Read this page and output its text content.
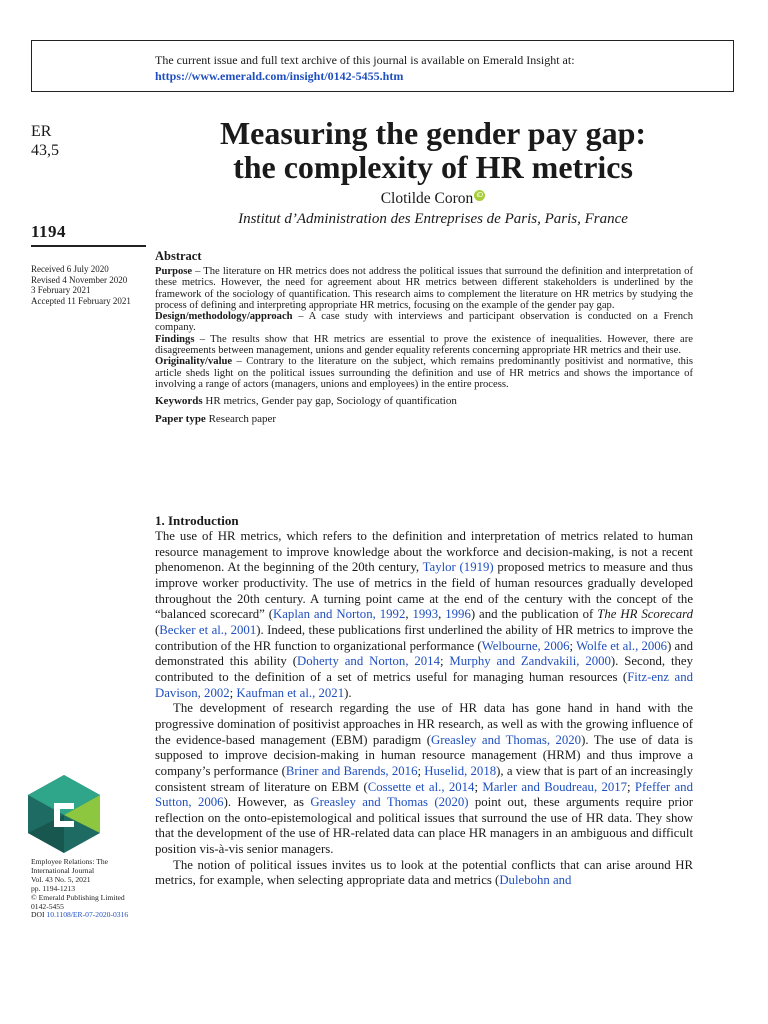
The current issue and full text archive of this journal is available on Emerald Insight at:
https://www.emerald.com/insight/0142-5455.htm
ER
43,5
1194
Received 6 July 2020
Revised 4 November 2020
3 February 2021
Accepted 11 February 2021
Employee Relations: The
International Journal
Vol. 43 No. 5, 2021
pp. 1194-1213
© Emerald Publishing Limited
0142-5455
DOI 10.1108/ER-07-2020-0316
Measuring the gender pay gap:
the complexity of HR metrics
Clotilde Coron iD
Institut d’Administration des Entreprises de Paris, Paris, France
Abstract

Purpose – The literature on HR metrics does not address the political issues that surround the definition and interpretation of these metrics. However, the need for agreement about HR metrics between different stakeholders is underlined by the framework of the sociology of quantification. This research aims to complement the literature on HR metrics by studying the process of defining and interpreting appropriate HR metrics, focusing on the example of the gender pay gap.

Design/methodology/approach – A case study with interviews and participant observation is conducted on a French company.

Findings – The results show that HR metrics are essential to prove the existence of inequalities. However, there are disagreements between management, unions and gender equality referents concerning appropriate HR metrics and their use.

Originality/value – Contrary to the literature on the subject, which remains predominantly positivist and normative, this article sheds light on the political issues surrounding the definition and use of HR metrics and shows the importance of involving a range of actors (managers, unions and employees) in the entire process.

Keywords HR metrics, Gender pay gap, Sociology of quantification

Paper type Research paper

1. Introduction

The use of HR metrics, which refers to the definition and interpretation of metrics related to human resource management to improve knowledge about the workforce and decision-making, is not a recent phenomenon. At the beginning of the 20th century, Taylor (1919) proposed metrics to measure and thus improve worker productivity. The use of metrics in the field of human resources gradually developed throughout the 20th century. A turning point came at the end of the century with the concept of the “balanced scorecard” (Kaplan and Norton, 1992, 1993, 1996) and the publication of The HR Scorecard (Becker et al., 2001). Indeed, these publications first underlined the ability of HR metrics to improve the contribution of the HR function to organizational performance (Welbourne, 2006; Wolfe et al., 2006) and demonstrated this ability (Doherty and Norton, 2014; Murphy and Zandvakili, 2000). Second, they contributed to the definition of a set of metrics useful for managing human resources (Fitz-enz and Davison, 2002; Kaufman et al., 2021).

The development of research regarding the use of HR data has gone hand in hand with the progressive domination of positivist approaches in HR research, as well as with the growing influence of the evidence-based management (EBM) paradigm (Greasley and Thomas, 2020). The use of data is supposed to improve decision-making in human resource management (HRM) and thus improve a company’s performance (Briner and Barends, 2016; Huselid, 2018), a view that is part of an increasingly consistent stream of literature on EBM (Cossette et al., 2014; Marler and Boudreau, 2017; Pfeffer and Sutton, 2006). However, as Greasley and Thomas (2020) point out, these arguments require prior reflection on the onto-epistemological and political issues that surround the use of HR data. They show that the development of the use of HR-related data can place HR managers in an ambiguous and difficult position vis-à-vis senior managers.

The notion of political issues invites us to look at the potential conflicts that can arise around HR metrics, for example, when selecting appropriate data and metrics (Dulebohn and
